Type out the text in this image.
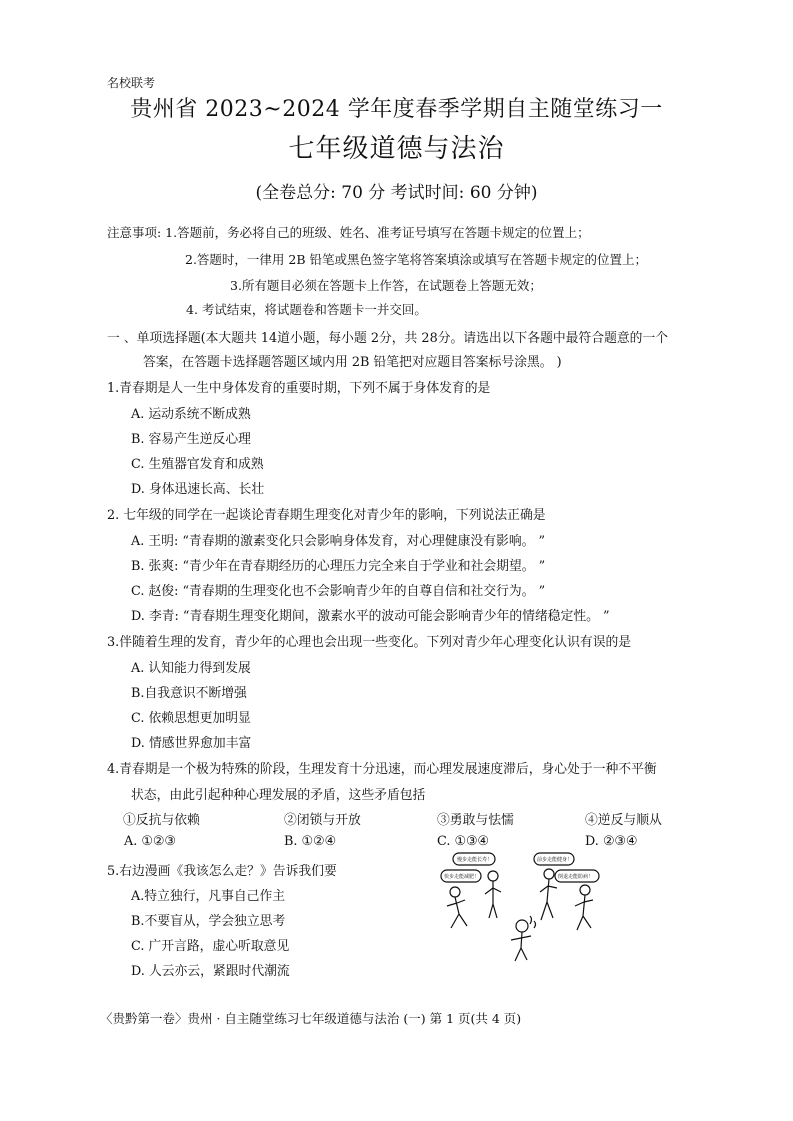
名校联考
贵州省 2023~2024 学年度春季学期自主随堂练习一
七年级道德与法治
(全卷总分: 70 分 考试时间: 60 分钟)
注意事项: 1.答题前，务必将自己的班级、姓名、准考证号填写在答题卡规定的位置上；
2.答题时，一律用 2B 铅笔或黑色签字笔将答案填涂或填写在答题卡规定的位置上；
3.所有题目必须在答题卡上作答，在试题卷上答题无效；
4. 考试结束，将试题卷和答题卡一并交回。
一 、单项选择题(本大题共 14道小题，每小题 2分，共 28分。请选出以下各题中最符合题意的一个
答案，在答题卡选择题答题区域内用 2B 铅笔把对应题目答案标号涂黑。 )
1.青春期是人一生中身体发育的重要时期，下列不属于身体发育的是
A. 运动系统不断成熟
B. 容易产生逆反心理
C. 生殖器官发育和成熟
D. 身体迅速长高、长壮
2. 七年级的同学在一起谈论青春期生理变化对青少年的影响，下列说法正确是
A. 王明: “青春期的激素变化只会影响身体发育，对心理健康没有影响。 ”
B. 张爽: “青少年在青春期经历的心理压力完全来自于学业和社会期望。 ”
C. 赵俊: “青春期的生理变化也不会影响青少年的自尊自信和社交行为。 ”
D. 李青: “青春期生理变化期间，激素水平的波动可能会影响青少年的情绪稳定性。 ”
3.伴随着生理的发育，青少年的心理也会出现一些变化。下列对青少年心理变化认识有误的是
A. 认知能力得到发展
B.自我意识不断增强
C. 依赖思想更加明显
D. 情感世界愈加丰富
4.青春期是一个极为特殊的阶段，生理发育十分迅速，而心理发展速度滞后，身心处于一种不平衡
状态，由此引起种种心理发展的矛盾，这些矛盾包括
①反抗与依赖	②闭锁与开放	③勇敢与怯懦	④逆反与顺从
A. ①②③	B. ①②④	C. ①③④	D. ②③④
5.右边漫画《我该怎么走？》告诉我们要
A.特立独行，凡事自己作主
B.不要盲从，学会独立思考
C. 广开言路，虚心听取意见
D. 人云亦云，紧跟时代潮流
慢步走能长寿！
快步走能减肥！
前步走能健身！
倒退走能防病！
〈贵黔第一卷〉贵州 · 自主随堂练习七年级道德与法治 (一) 第 1 页(共 4 页)
